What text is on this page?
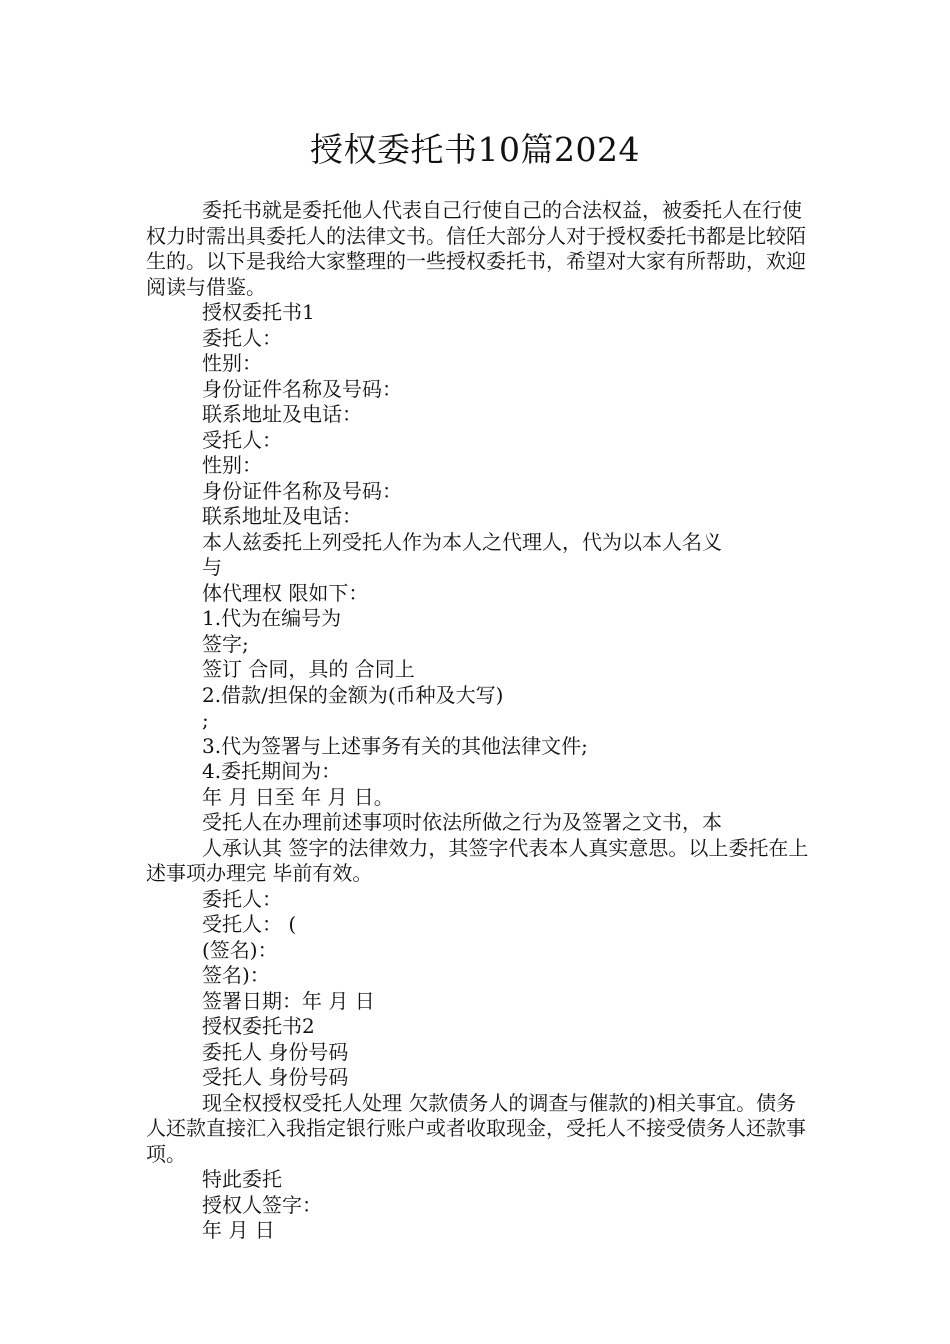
授权委托书10篇2024

委托书就是委托他人代表自己行使自己的合法权益，被委托人在行使权力时需出具委托人的法律文书。信任大部分人对于授权委托书都是比较陌生的。以下是我给大家整理的一些授权委托书，希望对大家有所帮助，欢迎阅读与借鉴。

授权委托书1

委托人：

性别：

身份证件名称及号码：

联系地址及电话：

受托人：

性别：

身份证件名称及号码：

联系地址及电话：

本人兹委托上列受托人作为本人之代理人，代为以本人名义

与

体代理权 限如下：

1.代为在编号为

签字;

签订 合同，具的 合同上

2.借款/担保的金额为(币种及大写)

;

3.代为签署与上述事务有关的其他法律文件;

4.委托期间为：

年 月 日至 年 月 日。

受托人在办理前述事项时依法所做之行为及签署之文书，本

人承认其 签字的法律效力，其签字代表本人真实意思。以上委托在上述事项办理完 毕前有效。

委托人：

受托人： (

(签名)：

签名)：

签署日期：年 月 日

授权委托书2

委托人 身份号码

受托人 身份号码

现全权授权受托人处理 欠款债务人的调查与催款的)相关事宜。债务人还款直接汇入我指定银行账户或者收取现金，受托人不接受债务人还款事项。

特此委托

授权人签字：

年 月 日
